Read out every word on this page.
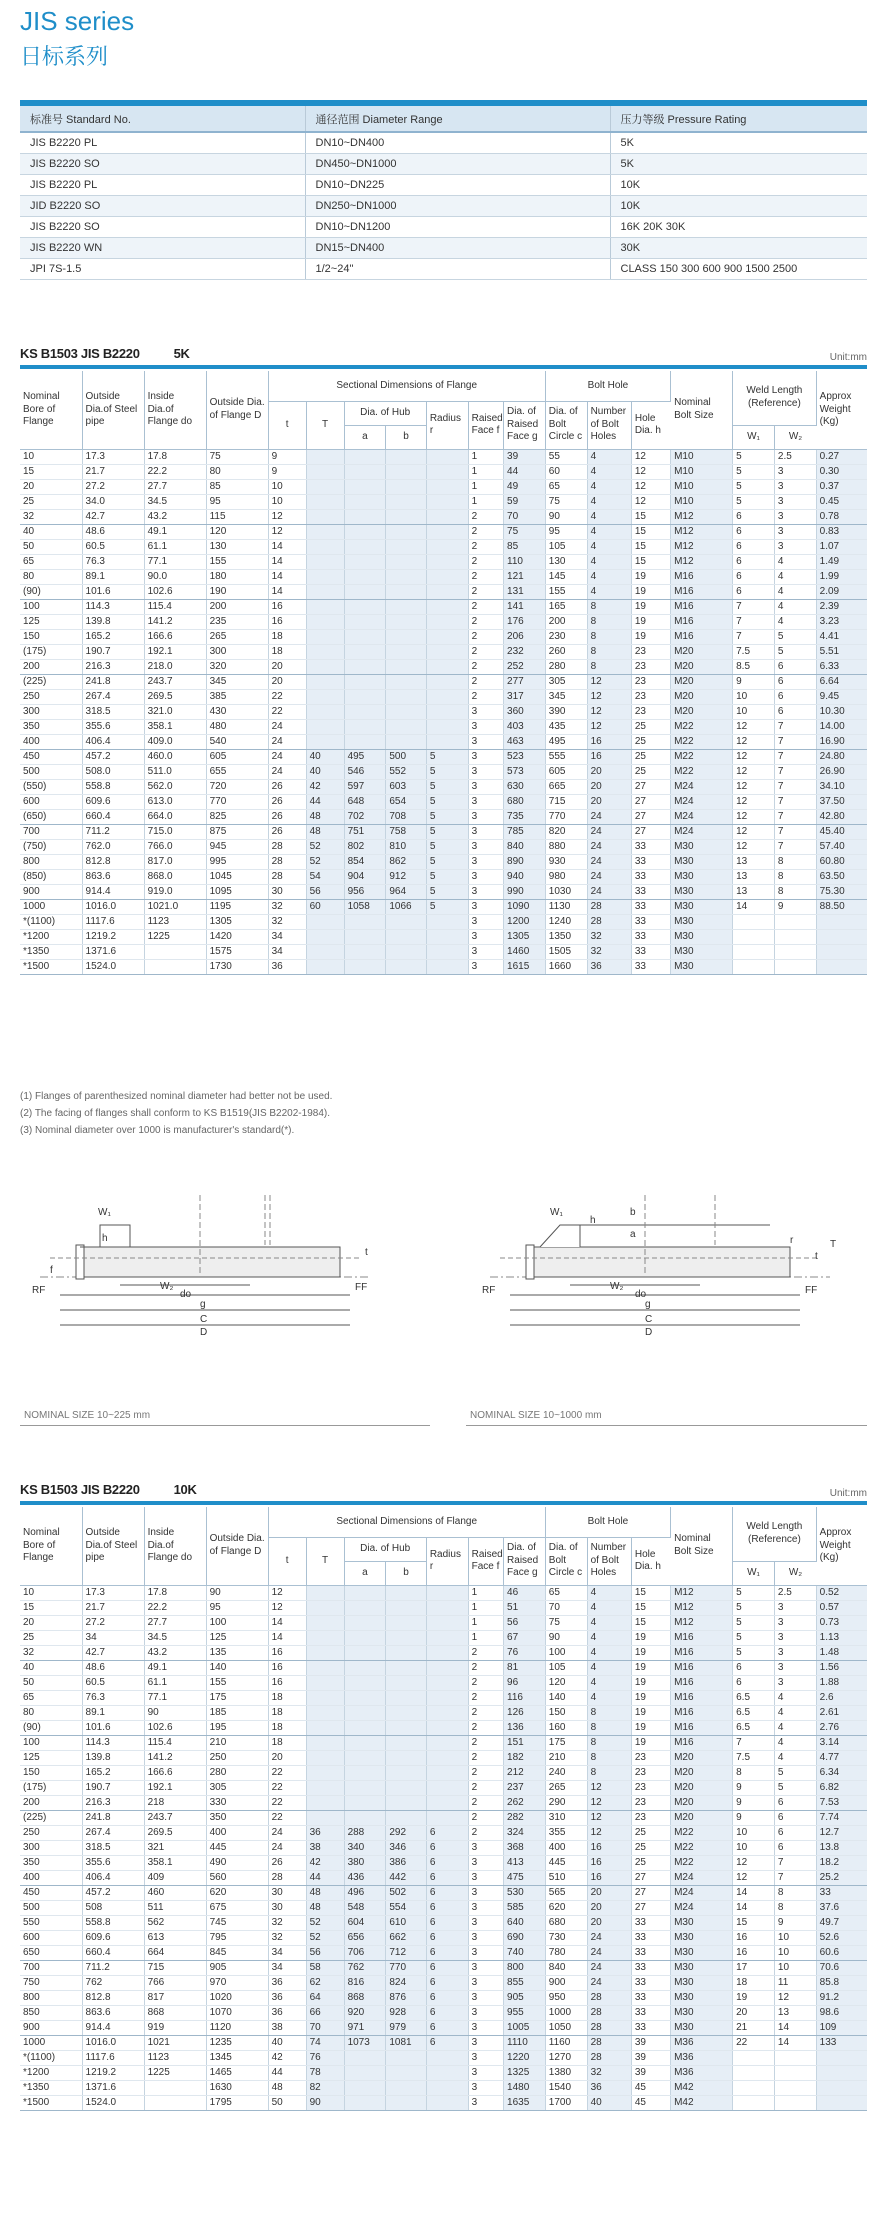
JIS series
日标系列

标准号 Standard No.	通径范围 Diameter Range	压力等级 Pressure Rating
JIS B2220 PL	DN10~DN400	5K
JIS B2220 SO	DN450~DN1000	5K
JIS B2220 PL	DN10~DN225	10K
JID B2220 SO	DN250~DN1000	10K
JIS B2220 SO	DN10~DN1200	16K 20K 30K
JIS B2220 WN	DN15~DN400	30K
JPI 7S-1.5	1/2~24"	CLASS 150 300 600 900 1500 2500
KS B1503 JIS B2220	5K	Unit:mm
Nominal Bore of Flange	Outside Dia.of Steel pipe	Inside Dia.of Flange do	Outside Dia. of Flange D	Sectional Dimensions of Flange							Bolt Hole			Nominal Bolt Size	Weld Length (Reference)		Approx Weight (Kg)
				t	T	Dia. of Hub		Radius r	Raised Face f	Dia. of Raised Face g	Dia. of Bolt Circle c	Number of Bolt Holes	Hole Dia. h				
						a	b								W₁	W₂	
10	17.3	17.8	75	9					1	39	55	4	12	M10	5	2.5	0.27
15	21.7	22.2	80	9					1	44	60	4	12	M10	5	3	0.30
20	27.2	27.7	85	10					1	49	65	4	12	M10	5	3	0.37
25	34.0	34.5	95	10					1	59	75	4	12	M10	5	3	0.45
32	42.7	43.2	115	12					2	70	90	4	15	M12	6	3	0.78
40	48.6	49.1	120	12					2	75	95	4	15	M12	6	3	0.83
50	60.5	61.1	130	14					2	85	105	4	15	M12	6	3	1.07
65	76.3	77.1	155	14					2	110	130	4	15	M12	6	4	1.49
80	89.1	90.0	180	14					2	121	145	4	19	M16	6	4	1.99
(90)	101.6	102.6	190	14					2	131	155	4	19	M16	6	4	2.09
100	114.3	115.4	200	16					2	141	165	8	19	M16	7	4	2.39
125	139.8	141.2	235	16					2	176	200	8	19	M16	7	4	3.23
150	165.2	166.6	265	18					2	206	230	8	19	M16	7	5	4.41
(175)	190.7	192.1	300	18					2	232	260	8	23	M20	7.5	5	5.51
200	216.3	218.0	320	20					2	252	280	8	23	M20	8.5	6	6.33
(225)	241.8	243.7	345	20					2	277	305	12	23	M20	9	6	6.64
250	267.4	269.5	385	22					2	317	345	12	23	M20	10	6	9.45
300	318.5	321.0	430	22					3	360	390	12	23	M20	10	6	10.30
350	355.6	358.1	480	24					3	403	435	12	25	M22	12	7	14.00
400	406.4	409.0	540	24					3	463	495	16	25	M22	12	7	16.90
450	457.2	460.0	605	24	40	495	500	5	3	523	555	16	25	M22	12	7	24.80
500	508.0	511.0	655	24	40	546	552	5	3	573	605	20	25	M22	12	7	26.90
(550)	558.8	562.0	720	26	42	597	603	5	3	630	665	20	27	M24	12	7	34.10
600	609.6	613.0	770	26	44	648	654	5	3	680	715	20	27	M24	12	7	37.50
(650)	660.4	664.0	825	26	48	702	708	5	3	735	770	24	27	M24	12	7	42.80
700	711.2	715.0	875	26	48	751	758	5	3	785	820	24	27	M24	12	7	45.40
(750)	762.0	766.0	945	28	52	802	810	5	3	840	880	24	33	M30	12	7	57.40
800	812.8	817.0	995	28	52	854	862	5	3	890	930	24	33	M30	13	8	60.80
(850)	863.6	868.0	1045	28	54	904	912	5	3	940	980	24	33	M30	13	8	63.50
900	914.4	919.0	1095	30	56	956	964	5	3	990	1030	24	33	M30	13	8	75.30
1000	1016.0	1021.0	1195	32	60	1058	1066	5	3	1090	1130	28	33	M30	14	9	88.50
*(1100)	1117.6	1123	1305	32					3	1200	1240	28	33	M30			
*1200	1219.2	1225	1420	34					3	1305	1350	32	33	M30			
*1350	1371.6		1575	34					3	1460	1505	32	33	M30			
*1500	1524.0		1730	36					3	1615	1660	36	33	M30			
(1) Flanges of parenthesized nominal diameter had better not be used.
(2) The facing of flanges shall conform to KS B1519(JIS B2202-1984).
(3) Nominal diameter over 1000 is manufacturer's standard(*).
W₁
h
f
RF	W₂
do
g
C
D
t
FF
W₁
h
b
a
r
t
T
RF	W₂
do
g
C
D
FF
NOMINAL SIZE 10~225 mm	NOMINAL SIZE 10~1000 mm
KS B1503 JIS B2220	10K	Unit:mm
Nominal Bore of Flange	Outside Dia.of Steel pipe	Inside Dia.of Flange do	Outside Dia. of Flange D	Sectional Dimensions of Flange							Bolt Hole			Nominal Bolt Size	Weld Length (Reference)		Approx Weight (Kg)
				t	T	Dia. of Hub		Radius r	Raised Face f	Dia. of Raised Face g	Dia. of Bolt Circle c	Number of Bolt Holes	Hole Dia. h				
						a	b								W₁	W₂	
10	17.3	17.8	90	12					1	46	65	4	15	M12	5	2.5	0.52
15	21.7	22.2	95	12					1	51	70	4	15	M12	5	3	0.57
20	27.2	27.7	100	14					1	56	75	4	15	M12	5	3	0.73
25	34	34.5	125	14					1	67	90	4	19	M16	5	3	1.13
32	42.7	43.2	135	16					2	76	100	4	19	M16	5	3	1.48
40	48.6	49.1	140	16					2	81	105	4	19	M16	6	3	1.56
50	60.5	61.1	155	16					2	96	120	4	19	M16	6	3	1.88
65	76.3	77.1	175	18					2	116	140	4	19	M16	6.5	4	2.6
80	89.1	90	185	18					2	126	150	8	19	M16	6.5	4	2.61
(90)	101.6	102.6	195	18					2	136	160	8	19	M16	6.5	4	2.76
100	114.3	115.4	210	18					2	151	175	8	19	M16	7	4	3.14
125	139.8	141.2	250	20					2	182	210	8	23	M20	7.5	4	4.77
150	165.2	166.6	280	22					2	212	240	8	23	M20	8	5	6.34
(175)	190.7	192.1	305	22					2	237	265	12	23	M20	9	5	6.82
200	216.3	218	330	22					2	262	290	12	23	M20	9	6	7.53
(225)	241.8	243.7	350	22					2	282	310	12	23	M20	9	6	7.74
250	267.4	269.5	400	24	36	288	292	6	2	324	355	12	25	M22	10	6	12.7
300	318.5	321	445	24	38	340	346	6	3	368	400	16	25	M22	10	6	13.8
350	355.6	358.1	490	26	42	380	386	6	3	413	445	16	25	M22	12	7	18.2
400	406.4	409	560	28	44	436	442	6	3	475	510	16	27	M24	12	7	25.2
450	457.2	460	620	30	48	496	502	6	3	530	565	20	27	M24	14	8	33
500	508	511	675	30	48	548	554	6	3	585	620	20	27	M24	14	8	37.6
550	558.8	562	745	32	52	604	610	6	3	640	680	20	33	M30	15	9	49.7
600	609.6	613	795	32	52	656	662	6	3	690	730	24	33	M30	16	10	52.6
650	660.4	664	845	34	56	706	712	6	3	740	780	24	33	M30	16	10	60.6
700	711.2	715	905	34	58	762	770	6	3	800	840	24	33	M30	17	10	70.6
750	762	766	970	36	62	816	824	6	3	855	900	24	33	M30	18	11	85.8
800	812.8	817	1020	36	64	868	876	6	3	905	950	28	33	M30	19	12	91.2
850	863.6	868	1070	36	66	920	928	6	3	955	1000	28	33	M30	20	13	98.6
900	914.4	919	1120	38	70	971	979	6	3	1005	1050	28	33	M30	21	14	109
1000	1016.0	1021	1235	40	74	1073	1081	6	3	1110	1160	28	39	M36	22	14	133
*(1100)	1117.6	1123	1345	42	76				3	1220	1270	28	39	M36			
*1200	1219.2	1225	1465	44	78				3	1325	1380	32	39	M36			
*1350	1371.6		1630	48	82				3	1480	1540	36	45	M42			
*1500	1524.0		1795	50	90				3	1635	1700	40	45	M42			
